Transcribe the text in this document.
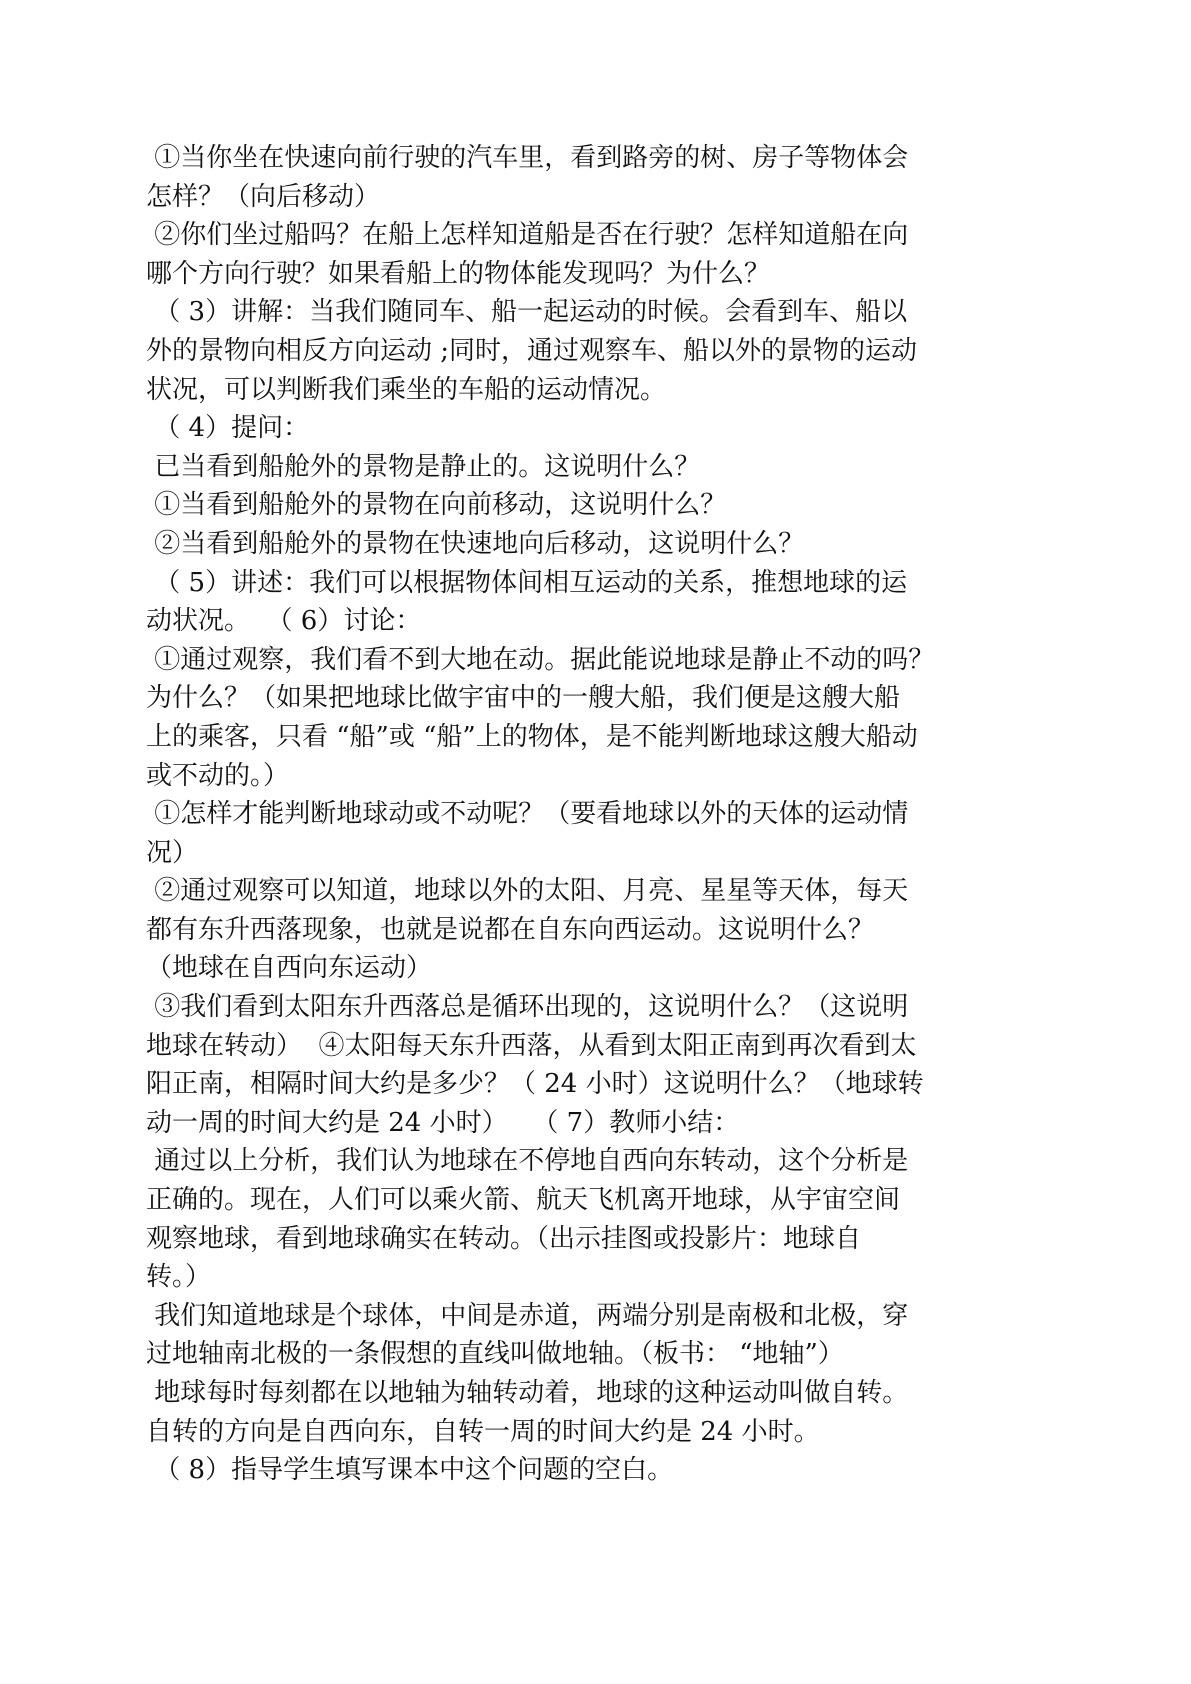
①当你坐在快速向前行驶的汽车里，看到路旁的树、房子等物体会
怎样？（向后移动）
②你们坐过船吗？在船上怎样知道船是否在行驶？怎样知道船在向
哪个方向行驶？如果看船上的物体能发现吗？为什么？
（ 3）讲解：当我们随同车、船一起运动的时候。会看到车、船以
外的景物向相反方向运动 ;同时，通过观察车、船以外的景物的运动
状况，可以判断我们乘坐的车船的运动情况。
（ 4）提问：
已当看到船舱外的景物是静止的。这说明什么？
①当看到船舱外的景物在向前移动，这说明什么？
②当看到船舱外的景物在快速地向后移动，这说明什么？
（ 5）讲述：我们可以根据物体间相互运动的关系，推想地球的运
动状况。  （ 6）讨论：
①通过观察，我们看不到大地在动。据此能说地球是静止不动的吗？
为什么？（如果把地球比做宇宙中的一艘大船，我们便是这艘大船
上的乘客，只看 “船”或 “船”上的物体，是不能判断地球这艘大船动
或不动的。）
①怎样才能判断地球动或不动呢？（要看地球以外的天体的运动情
况）
②通过观察可以知道，地球以外的太阳、月亮、星星等天体，每天
都有东升西落现象，也就是说都在自东向西运动。这说明什么？
（地球在自西向东运动）
③我们看到太阳东升西落总是循环出现的，这说明什么？（这说明
地球在转动）  ④太阳每天东升西落，从看到太阳正南到再次看到太
阳正南，相隔时间大约是多少？（ 24 小时）这说明什么？（地球转
动一周的时间大约是 24 小时）   （ 7）教师小结：
通过以上分析，我们认为地球在不停地自西向东转动，这个分析是
正确的。现在，人们可以乘火箭、航天飞机离开地球，从宇宙空间
观察地球，看到地球确实在转动。（出示挂图或投影片：地球自
转。）
我们知道地球是个球体，中间是赤道，两端分别是南极和北极，穿
过地轴南北极的一条假想的直线叫做地轴。（板书： “地轴”）
地球每时每刻都在以地轴为轴转动着，地球的这种运动叫做自转。
自转的方向是自西向东，自转一周的时间大约是 24 小时。
（ 8）指导学生填写课本中这个问题的空白。
